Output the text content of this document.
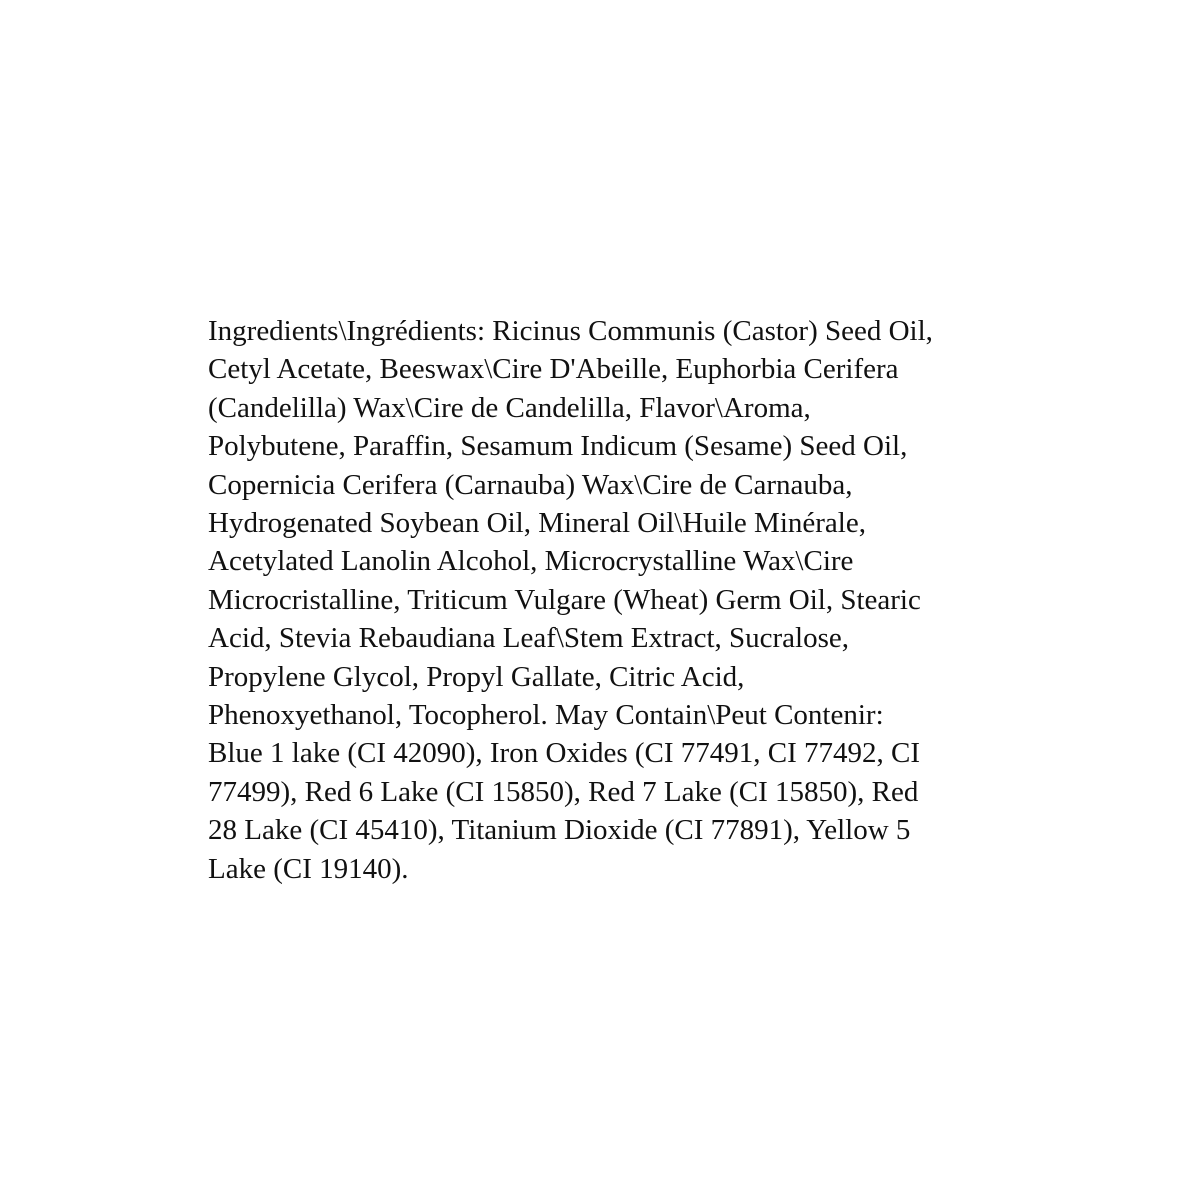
Ingredients\Ingrédients: Ricinus Communis (Castor) Seed Oil,
Cetyl Acetate, Beeswax\Cire D'Abeille, Euphorbia Cerifera
(Candelilla) Wax\Cire de Candelilla, Flavor\Aroma,
Polybutene, Paraffin, Sesamum Indicum (Sesame) Seed Oil,
Copernicia Cerifera (Carnauba) Wax\Cire de Carnauba,
Hydrogenated Soybean Oil, Mineral Oil\Huile Minérale,
Acetylated Lanolin Alcohol, Microcrystalline Wax\Cire
Microcristalline, Triticum Vulgare (Wheat) Germ Oil, Stearic
Acid, Stevia Rebaudiana Leaf\Stem Extract, Sucralose,
Propylene Glycol, Propyl Gallate, Citric Acid,
Phenoxyethanol, Tocopherol. May Contain\Peut Contenir:
Blue 1 lake (CI 42090), Iron Oxides (CI 77491, CI 77492, CI
77499), Red 6 Lake (CI 15850), Red 7 Lake (CI 15850), Red
28 Lake (CI 45410), Titanium Dioxide (CI 77891), Yellow 5
Lake (CI 19140).
